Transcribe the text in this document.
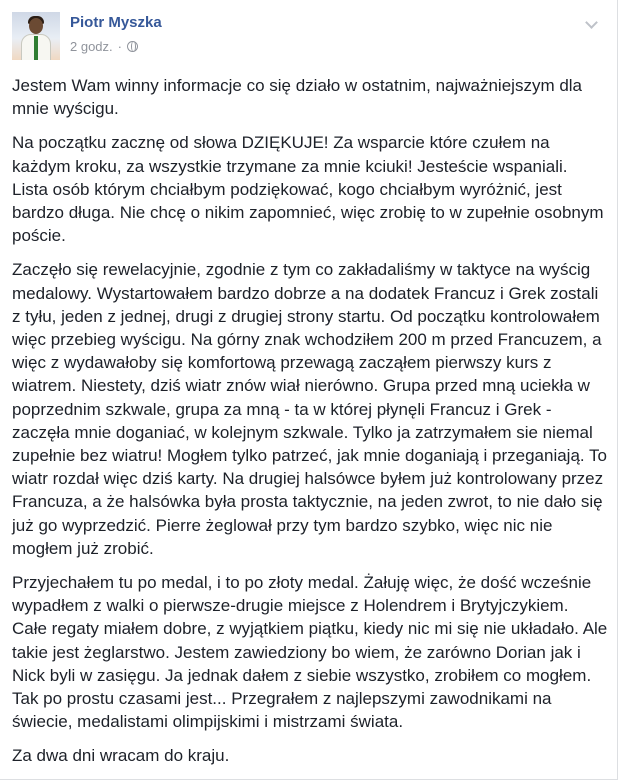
Piotr Myszka
2 godz. ·

Jestem Wam winny informacje co się działo w ostatnim, najważniejszym dla mnie wyścigu.

Na początku zacznę od słowa DZIĘKUJE! Za wsparcie które czułem na każdym kroku, za wszystkie trzymane za mnie kciuki! Jesteście wspaniali. Lista osób którym chciałbym podziękować, kogo chciałbym wyróżnić, jest bardzo długa. Nie chcę o nikim zapomnieć, więc zrobię to w zupełnie osobnym poście.

Zaczęło się rewelacyjnie, zgodnie z tym co zakładaliśmy w taktyce na wyścig medalowy. Wystartowałem bardzo dobrze a na dodatek Francuz i Grek zostali z tyłu, jeden z jednej, drugi z drugiej strony startu. Od początku kontrolowałem więc przebieg wyścigu. Na górny znak wchodziłem 200 m przed Francuzem, a więc z wydawałoby się komfortową przewagą zacząłem pierwszy kurs z wiatrem. Niestety, dziś wiatr znów wiał nierówno. Grupa przed mną uciekła w poprzednim szkwale, grupa za mną - ta w której płynęli Francuz i Grek - zaczęła mnie doganiać, w kolejnym szkwale. Tylko ja zatrzymałem sie niemal zupełnie bez wiatru! Mogłem tylko patrzeć, jak mnie doganiają i przeganiają. To wiatr rozdał więc dziś karty. Na drugiej halsówce byłem już kontrolowany przez Francuza, a że halsówka była prosta taktycznie, na jeden zwrot, to nie dało się już go wyprzedzić. Pierre żeglował przy tym bardzo szybko, więc nic nie mogłem już zrobić.

Przyjechałem tu po medal, i to po złoty medal. Żałuję więc, że dość wcześnie wypadłem z walki o pierwsze-drugie miejsce z Holendrem i Brytyjczykiem. Całe regaty miałem dobre, z wyjątkiem piątku, kiedy nic mi się nie układało. Ale takie jest żeglarstwo. Jestem zawiedziony bo wiem, że zarówno Dorian jak i Nick byli w zasięgu. Ja jednak dałem z siebie wszystko, zrobiłem co mogłem. Tak po prostu czasami jest... Przegrałem z najlepszymi zawodnikami na świecie, medalistami olimpijskimi i mistrzami świata.

Za dwa dni wracam do kraju.
